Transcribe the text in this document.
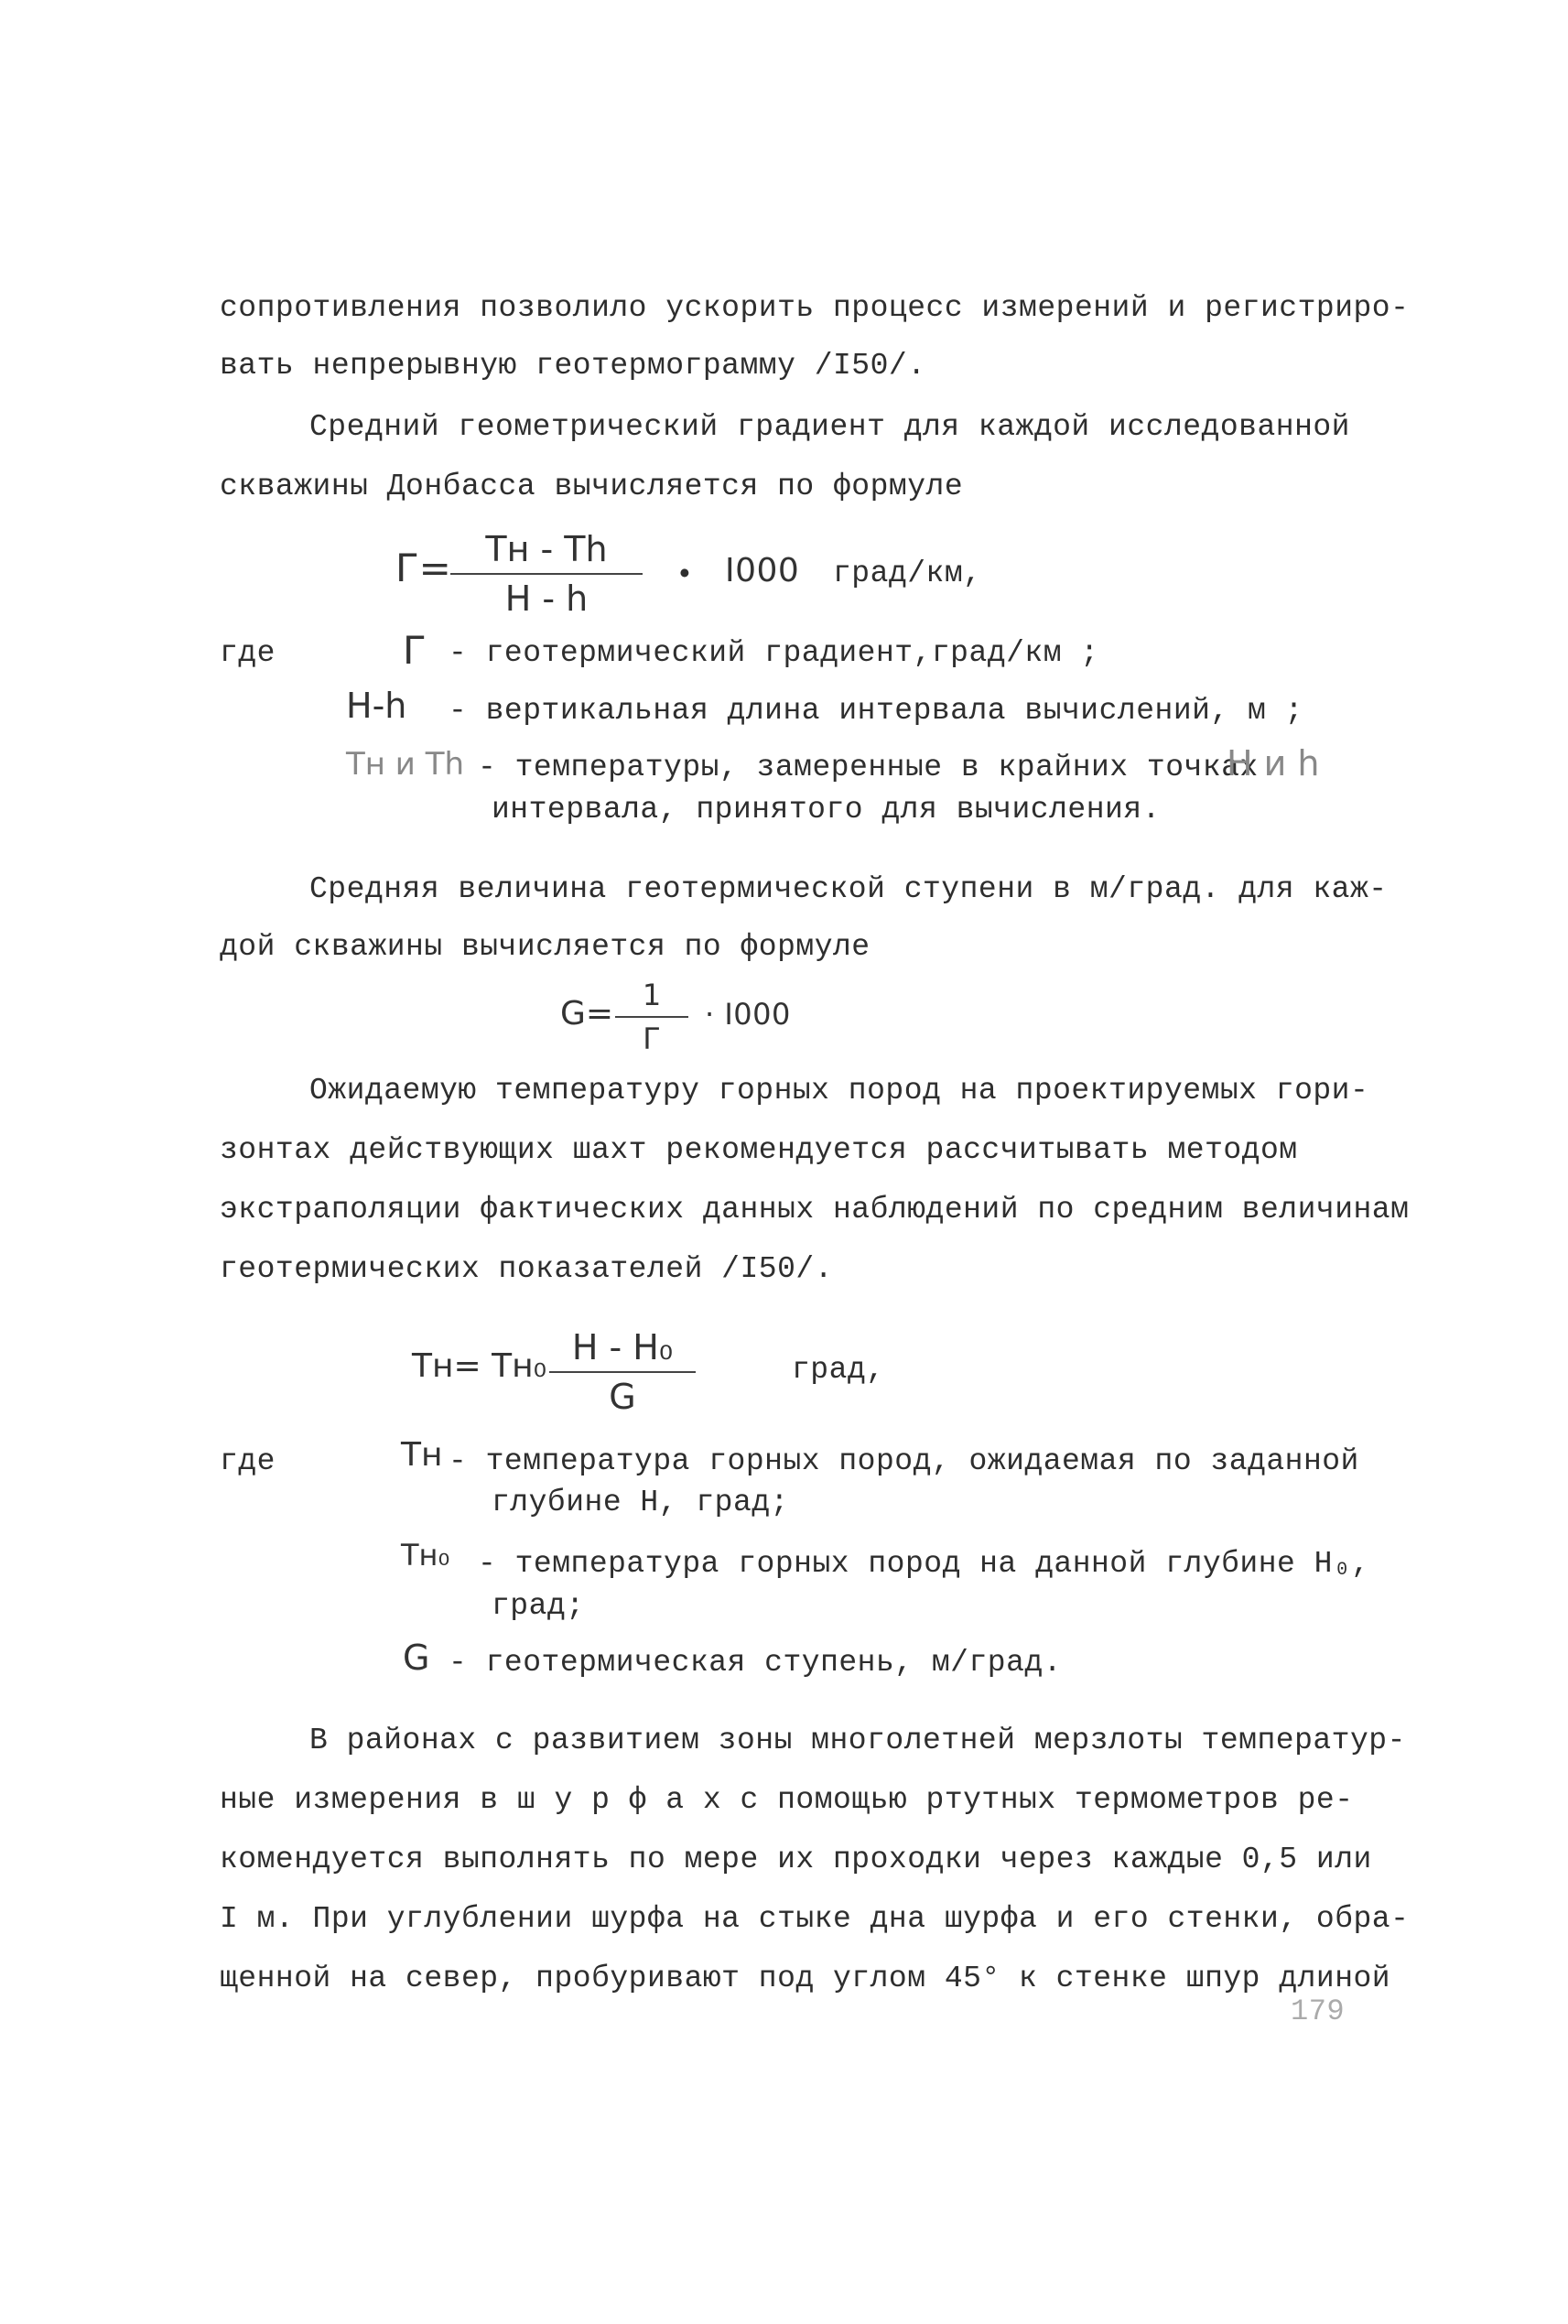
сопротивления позволило ускорить процесс измерений и регистриро-
вать непрерывную геотермограмму /I50/.
Средний геометрический градиент для каждой исследованной
скважины Донбасса вычисляется по формуле
Г= Tн - Th
H - h
• I000 град/км,
где	Г - геотермический градиент,град/км ;
H-h - вертикальная длина интервала вычислений, м ;
Tн и Th - температуры, замеренные в крайних точках
H и h
интервала, принятого для вычисления.
Средняя величина геотермической ступени в м/град. для каж-
дой скважины вычисляется по формуле
G= 1
Г
· I000
Ожидаемую температуру горных пород на проектируемых гори-
зонтах действующих шахт рекомендуется рассчитывать методом
экстраполяции фактических данных наблюдений по средним величинам
геотермических показателей /I50/.
Tн= Tн₀ H - H₀
G
град,
где	Tн - температура горных пород, ожидаемая по заданной
глубине H, град;
Tн₀ - температура горных пород на данной глубине H₀,
град;
G - геотермическая ступень, м/град.
В районах с развитием зоны многолетней мерзлоты температур-
ные измерения в ш у р ф а х с помощью ртутных термометров ре-
комендуется выполнять по мере их проходки через каждые 0,5 или
I м. При углублении шурфа на стыке дна шурфа и его стенки, обра-
щенной на север, пробуривают под углом 45° к стенке шпур длиной
179
